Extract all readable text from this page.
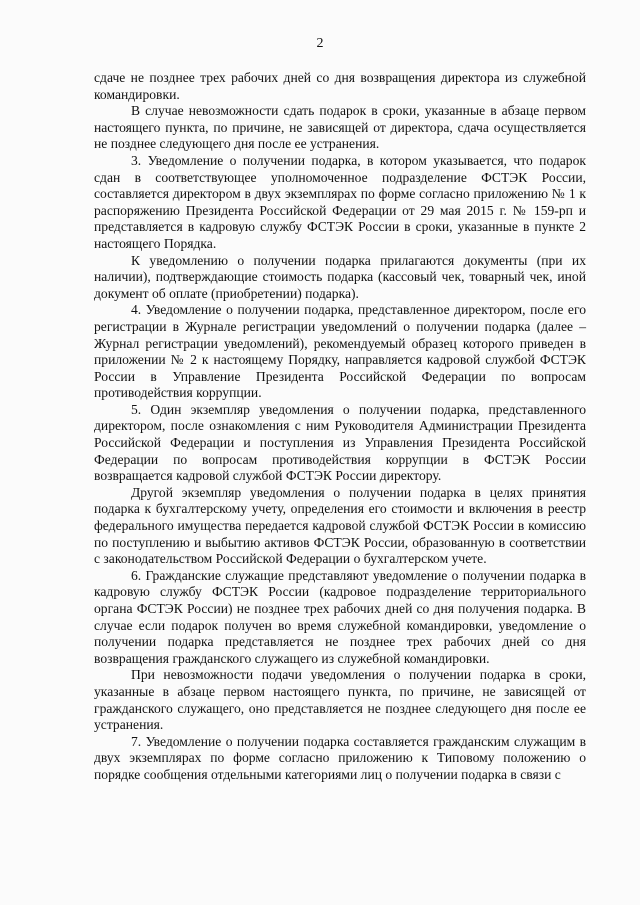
2

сдаче не позднее трех рабочих дней со дня возвращения директора из служебной командировки.

В случае невозможности сдать подарок в сроки, указанные в абзаце первом настоящего пункта, по причине, не зависящей от директора, сдача осуществляется не позднее следующего дня после ее устранения.

3. Уведомление о получении подарка, в котором указывается, что подарок сдан в соответствующее уполномоченное подразделение ФСТЭК России, составляется директором в двух экземплярах по форме согласно приложению № 1 к распоряжению Президента Российской Федерации от 29 мая 2015 г. № 159-рп и представляется в кадровую службу ФСТЭК России в сроки, указанные в пункте 2 настоящего Порядка.

К уведомлению о получении подарка прилагаются документы (при их наличии), подтверждающие стоимость подарка (кассовый чек, товарный чек, иной документ об оплате (приобретении) подарка).

4. Уведомление о получении подарка, представленное директором, после его регистрации в Журнале регистрации уведомлений о получении подарка (далее – Журнал регистрации уведомлений), рекомендуемый образец которого приведен в приложении № 2 к настоящему Порядку, направляется кадровой службой ФСТЭК России в Управление Президента Российской Федерации по вопросам противодействия коррупции.

5. Один экземпляр уведомления о получении подарка, представленного директором, после ознакомления с ним Руководителя Администрации Президента Российской Федерации и поступления из Управления Президента Российской Федерации по вопросам противодействия коррупции в ФСТЭК России возвращается кадровой службой ФСТЭК России директору.

Другой экземпляр уведомления о получении подарка в целях принятия подарка к бухгалтерскому учету, определения его стоимости и включения в реестр федерального имущества передается кадровой службой ФСТЭК России в комиссию по поступлению и выбытию активов ФСТЭК России, образованную в соответствии с законодательством Российской Федерации о бухгалтерском учете.

6. Гражданские служащие представляют уведомление о получении подарка в кадровую службу ФСТЭК России (кадровое подразделение территориального органа ФСТЭК России) не позднее трех рабочих дней со дня получения подарка. В случае если подарок получен во время служебной командировки, уведомление о получении подарка представляется не позднее трех рабочих дней со дня возвращения гражданского служащего из служебной командировки.

При невозможности подачи уведомления о получении подарка в сроки, указанные в абзаце первом настоящего пункта, по причине, не зависящей от гражданского служащего, оно представляется не позднее следующего дня после ее устранения.

7. Уведомление о получении подарка составляется гражданским служащим в двух экземплярах по форме согласно приложению к Типовому положению о порядке сообщения отдельными категориями лиц о получении подарка в связи с
